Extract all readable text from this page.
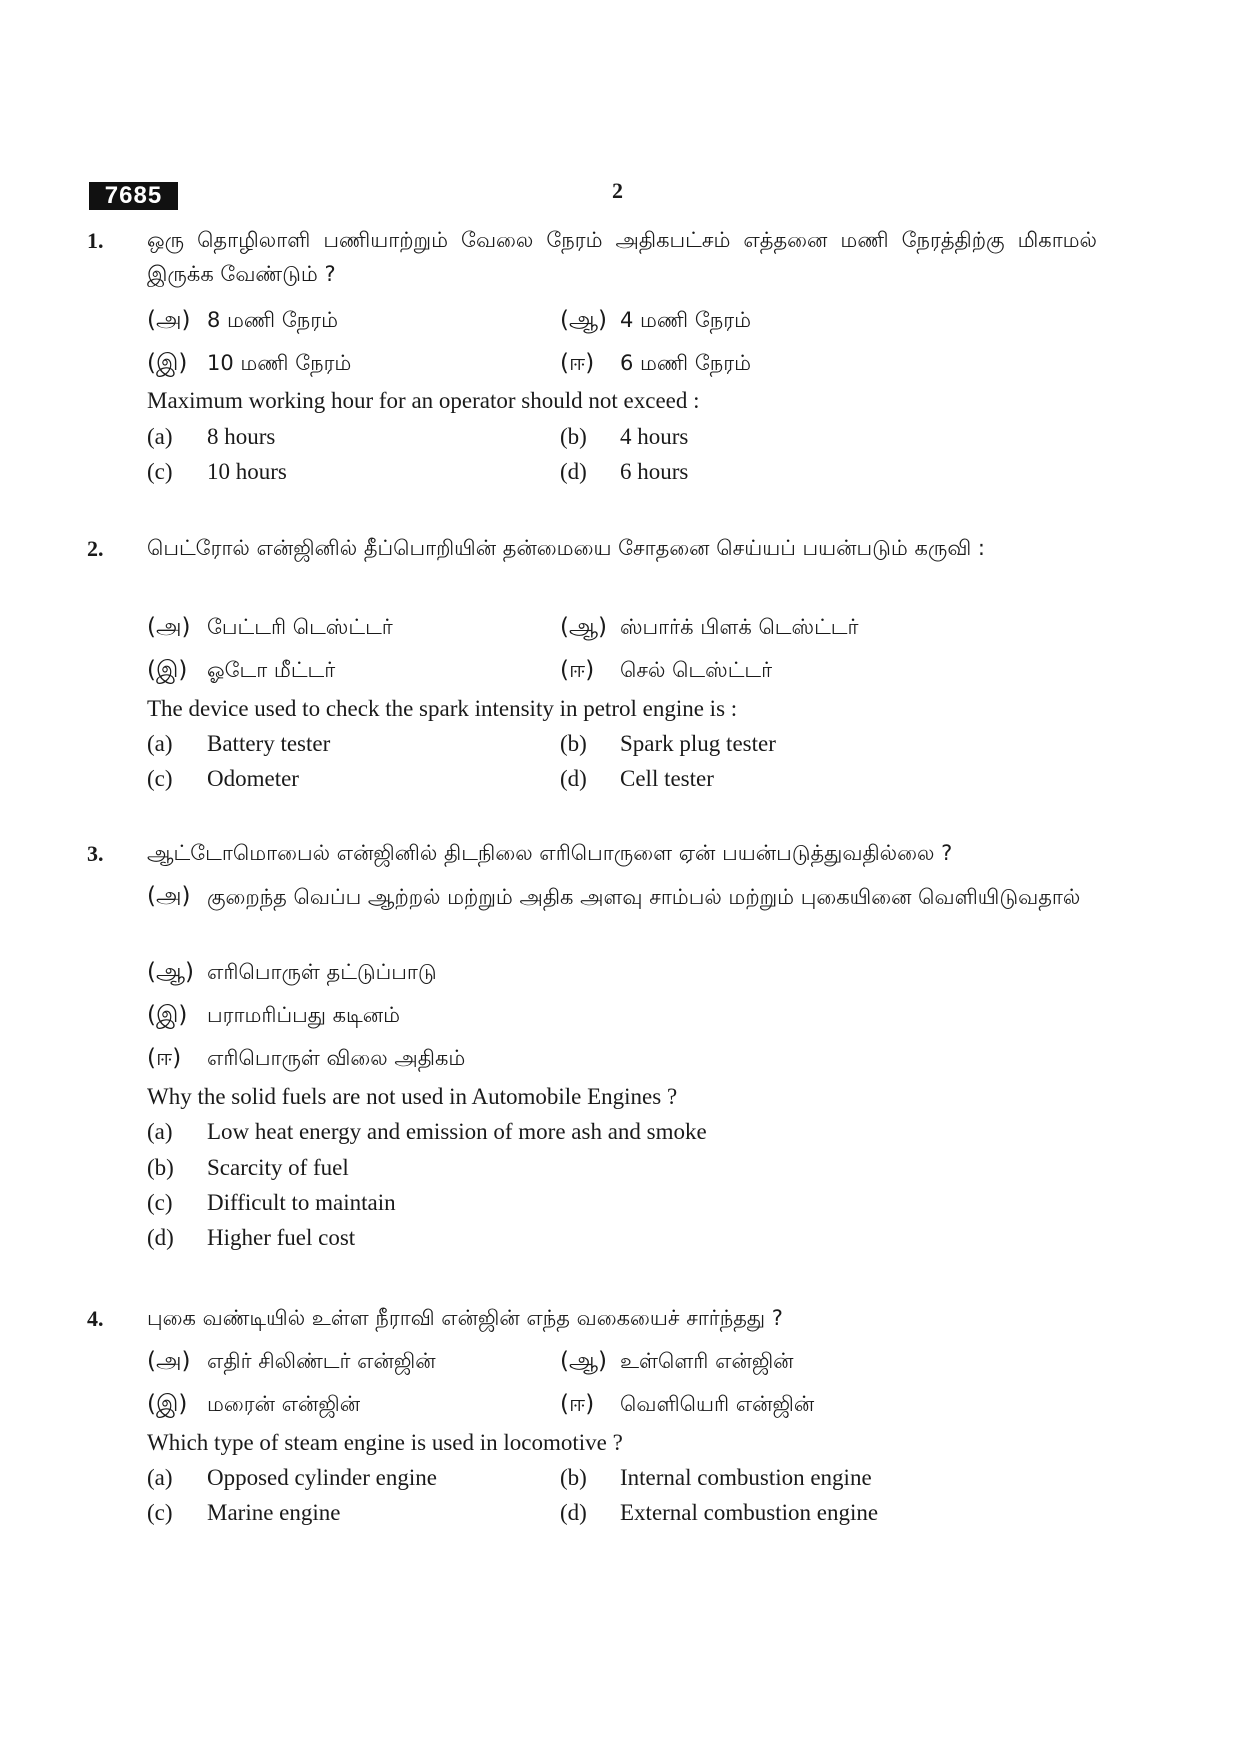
7685	2
1. ஒரு தொழிலாளி பணியாற்றும் வேலை நேரம் அதிகபட்சம் எத்தனை மணி நேரத்திற்கு மிகாமல் இருக்க வேண்டும் ?
(அ) 8 மணி நேரம்	(ஆ) 4 மணி நேரம்
(இ) 10 மணி நேரம்	(ஈ) 6 மணி நேரம்
Maximum working hour for an operator should not exceed :
(a) 8 hours	(b) 4 hours
(c) 10 hours	(d) 6 hours
2. பெட்ரோல் என்ஜினில் தீப்பொறியின் தன்மையை சோதனை செய்யப் பயன்படும் கருவி :
(அ) பேட்டரி டெஸ்ட்டர்	(ஆ) ஸ்பார்க் பிளக் டெஸ்ட்டர்
(இ) ஓடோ மீட்டர்	(ஈ) செல் டெஸ்ட்டர்
The device used to check the spark intensity in petrol engine is :
(a) Battery tester	(b) Spark plug tester
(c) Odometer	(d) Cell tester
3. ஆட்டோமொபைல் என்ஜினில் திடநிலை எரிபொருளை ஏன் பயன்படுத்துவதில்லை ?
(அ) குறைந்த வெப்ப ஆற்றல் மற்றும் அதிக அளவு சாம்பல் மற்றும் புகையினை வெளியிடுவதால்
(ஆ) எரிபொருள் தட்டுப்பாடு
(இ) பராமரிப்பது கடினம்
(ஈ) எரிபொருள் விலை அதிகம்
Why the solid fuels are not used in Automobile Engines ?
(a) Low heat energy and emission of more ash and smoke
(b) Scarcity of fuel
(c) Difficult to maintain
(d) Higher fuel cost
4. புகை வண்டியில் உள்ள நீராவி என்ஜின் எந்த வகையைச் சார்ந்தது ?
(அ) எதிர் சிலிண்டர் என்ஜின்	(ஆ) உள்ளெரி என்ஜின்
(இ) மரைன் என்ஜின்	(ஈ) வெளியெரி என்ஜின்
Which type of steam engine is used in locomotive ?
(a) Opposed cylinder engine	(b) Internal combustion engine
(c) Marine engine	(d) External combustion engine
